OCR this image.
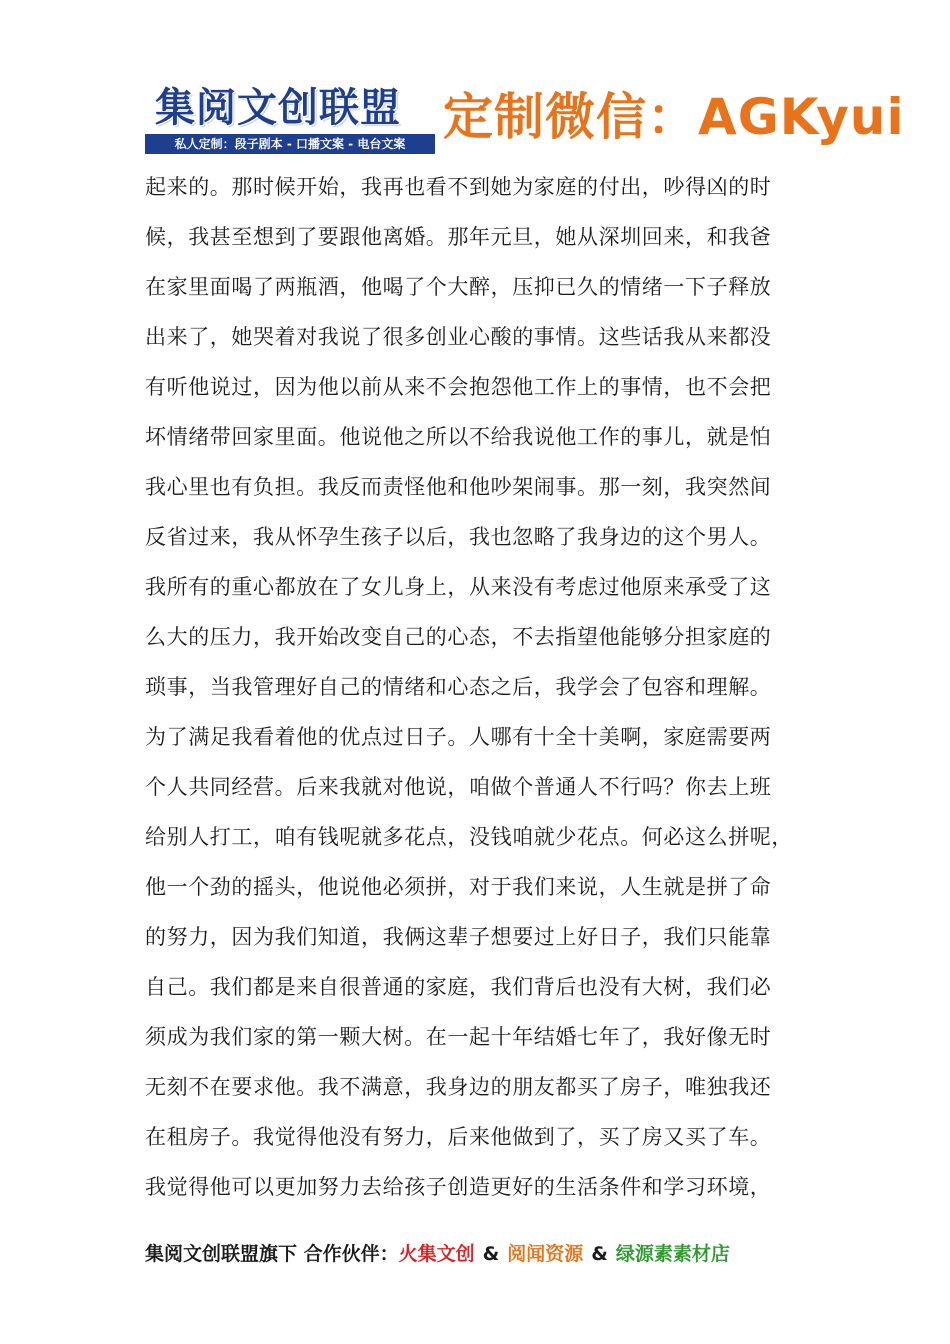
集阅文创联盟
私人定制：段子剧本 - 口播文案 - 电台文案 定制微信：AGKyui
起来的。那时候开始，我再也看不到她为家庭的付出，吵得凶的时
候，我甚至想到了要跟他离婚。那年元旦，她从深圳回来，和我爸
在家里面喝了两瓶酒，他喝了个大醉，压抑已久的情绪一下子释放
出来了，她哭着对我说了很多创业心酸的事情。这些话我从来都没
有听他说过，因为他以前从来不会抱怨他工作上的事情，也不会把
坏情绪带回家里面。他说他之所以不给我说他工作的事儿，就是怕
我心里也有负担。我反而责怪他和他吵架闹事。那一刻，我突然间
反省过来，我从怀孕生孩子以后，我也忽略了我身边的这个男人。
我所有的重心都放在了女儿身上，从来没有考虑过他原来承受了这
么大的压力，我开始改变自己的心态，不去指望他能够分担家庭的
琐事，当我管理好自己的情绪和心态之后，我学会了包容和理解。
为了满足我看着他的优点过日子。人哪有十全十美啊，家庭需要两
个人共同经营。后来我就对他说，咱做个普通人不行吗？你去上班
给别人打工，咱有钱呢就多花点，没钱咱就少花点。何必这么拼呢，
他一个劲的摇头，他说他必须拼，对于我们来说，人生就是拼了命
的努力，因为我们知道，我俩这辈子想要过上好日子，我们只能靠
自己。我们都是来自很普通的家庭，我们背后也没有大树，我们必
须成为我们家的第一颗大树。在一起十年结婚七年了，我好像无时
无刻不在要求他。我不满意，我身边的朋友都买了房子，唯独我还
在租房子。我觉得他没有努力，后来他做到了，买了房又买了车。
我觉得他可以更加努力去给孩子创造更好的生活条件和学习环境，
集阅文创联盟旗下 合作伙伴：火集文创 & 阅闻资源 & 绿源素素材店
